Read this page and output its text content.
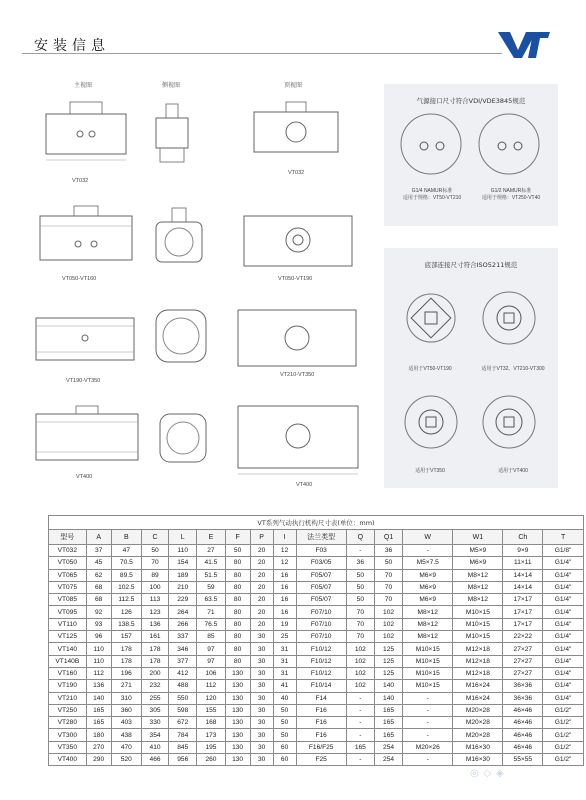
安装信息
主视图	侧视图	顶视图
VT032
VT032
VT050-VT160	VT050-VT190
VT190-VT350
VT210-VT350
VT400
VT400
气源接口尺寸符合VDI/VDE3845规范
G1/4 NAMUR标准
适用于规格：VT50-VT210
G1/2 NAMUR标准
适用于规格：VT250-VT40
底部连接尺寸符合ISO5211规范
适用于VT50-VT190	适用于VT32、VT210-VT300
适用于VT350	适用于VT400
VT系列气动执行机构尺寸表(单位：mm)
型号	A	B	C	L	E	F	P	I	法兰类型	Q	Q1	W	W1	Ch	T
VT032	37	47	50	110	27	50	20	12	F03	-	36	-	M5×9	9×9	G1/8"
VT050	45	70.5	70	154	41.5	80	20	12	F03/05	36	50	M5×7.5	M6×9	11×11	G1/4"
VT065	62	89.5	89	189	51.5	80	20	16	F05/07	50	70	M6×9	M8×12	14×14	G1/4"
VT075	68	102.5	100	210	59	80	20	16	F05/07	50	70	M6×9	M8×12	14×14	G1/4"
VT085	68	112.5	113	229	63.5	80	20	16	F05/07	50	70	M6×9	M8×12	17×17	G1/4"
VT095	92	126	123	264	71	80	20	16	F07/10	70	102	M8×12	M10×15	17×17	G1/4"
VT110	93	138.5	136	266	76.5	80	20	19	F07/10	70	102	M8×12	M10×15	17×17	G1/4"
VT125	96	157	161	337	85	80	30	25	F07/10	70	102	M8×12	M10×15	22×22	G1/4"
VT140	110	178	178	346	97	80	30	31	F10/12	102	125	M10×15	M12×18	27×27	G1/4"
VT140B	110	178	178	377	97	80	30	31	F10/12	102	125	M10×15	M12×18	27×27	G1/4"
VT160	112	196	200	412	106	130	30	31	F10/12	102	125	M10×15	M12×18	27×27	G1/4"
VT190	136	271	232	488	112	130	30	41	F10/14	102	140	M10×15	M16×24	36×36	G1/4"
VT210	140	310	255	550	120	130	30	40	F14	-	140	-	M16×24	36×36	G1/4"
VT250	165	360	305	598	155	130	30	50	F16	-	165	-	M20×28	46×46	G1/2"
VT280	165	403	330	672	168	130	30	50	F16	-	165	-	M20×28	46×46	G1/2"
VT300	180	438	354	784	173	130	30	50	F16	-	165	-	M20×28	46×46	G1/2"
VT350	270	470	410	845	195	130	30	60	F16/F25	165	254	M20×26	M16×30	46×46	G1/2"
VT400	290	520	466	956	260	130	30	60	F25	-	254	-	M16×30	55×55	G1/2"
◎ ◇ ◈
